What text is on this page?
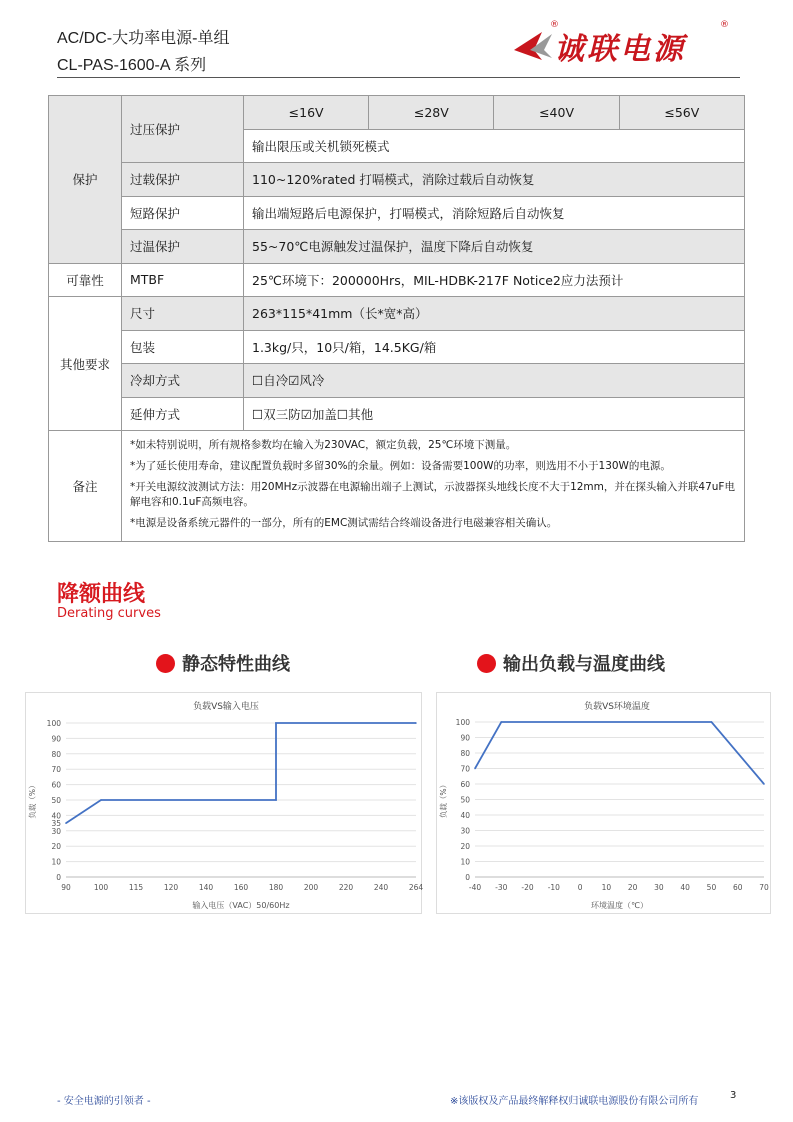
AC/DC-大功率电源-单组
CL-PAS-1600-A 系列	诚联电源
®	®
保护	过压保护	≤16V	≤28V	≤40V	≤56V
		输出限压或关机锁死模式			
	过载保护	110~120%rated 打嗝模式，消除过载后自动恢复			
	短路保护	输出端短路后电源保护，打嗝模式，消除短路后自动恢复			
	过温保护	55~70℃电源触发过温保护，温度下降后自动恢复			
可靠性	MTBF	25℃环境下：200000Hrs，MIL-HDBK-217F Notice2应力法预计			
其他要求	尺寸	263*115*41mm（长*宽*高）			
	包装	1.3kg/只，10只/箱，14.5KG/箱			
	冷却方式	☐自冷☑风冷			
	延伸方式	☐双三防☑加盖☐其他			
备注	*如未特别说明，所有规格参数均在输入为230VAC，额定负载，25℃环境下测量。

*为了延长使用寿命，建议配置负载时多留30%的余量。例如：设备需要100W的功率，则选用不小于130W的电源。

*开关电源纹波测试方法：用20MHz示波器在电源输出端子上测试，示波器探头地线长度不大于12mm，并在探头输入并联47uF电解电容和0.1uF高频电容。

*电源是设备系统元器件的一部分，所有的EMC测试需结合终端设备进行电磁兼容相关确认。				

降额曲线
Derating curves
静态特性曲线	输出负载与温度曲线
负载VS输入电压
0
10
20
30
35
40
50
60
70
80
90
100
90	100	115	120	140	160	180	200	220	240	264
输入电压（VAC）50/60Hz
负载（%）
负载VS环境温度
0
10
20
30
40
50
60
70
80
90
100
-40 -30 -20 -10 0	10 20 30 40 50 60 70
环境温度（℃）
负载（%）
- 安全电源的引领者 -	※该版权及产品最终解释权归诚联电源股份有限公司所有
3
